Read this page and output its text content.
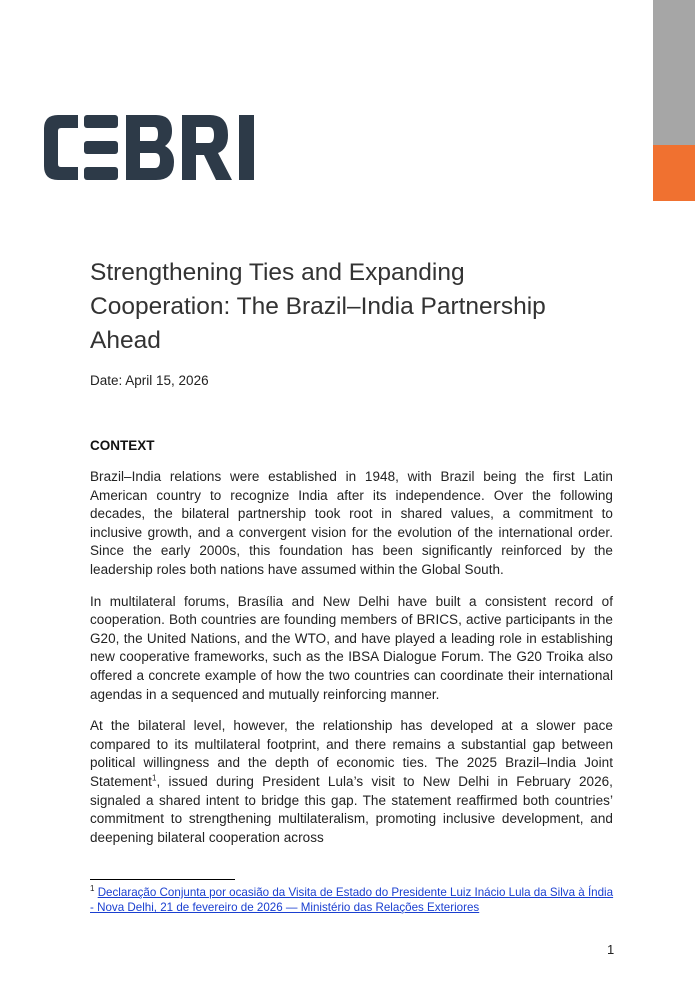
Strengthening Ties and Expanding Cooperation: The Brazil–India Partnership Ahead
Date: April 15, 2026
CONTEXT

Brazil–India relations were established in 1948, with Brazil being the first Latin American country to recognize India after its independence. Over the following decades, the bilateral partnership took root in shared values, a commitment to inclusive growth, and a convergent vision for the evolution of the international order. Since the early 2000s, this foundation has been significantly reinforced by the leadership roles both nations have assumed within the Global South.

In multilateral forums, Brasília and New Delhi have built a consistent record of cooperation. Both countries are founding members of BRICS, active participants in the G20, the United Nations, and the WTO, and have played a leading role in establishing new cooperative frameworks, such as the IBSA Dialogue Forum. The G20 Troika also offered a concrete example of how the two countries can coordinate their international agendas in a sequenced and mutually reinforcing manner.

At the bilateral level, however, the relationship has developed at a slower pace compared to its multilateral footprint, and there remains a substantial gap between political willingness and the depth of economic ties. The 2025 Brazil–India Joint Statement$^1$, issued during President Lula’s visit to New Delhi in February 2026, signaled a shared intent to bridge this gap. The statement reaffirmed both countries’ commitment to strengthening multilateralism, promoting inclusive development, and deepening bilateral cooperation across

$^1$ Declaração Conjunta por ocasião da Visita de Estado do Presidente Luiz Inácio Lula da Silva à Índia - Nova Delhi, 21 de fevereiro de 2026 — Ministério das Relações Exteriores
1
